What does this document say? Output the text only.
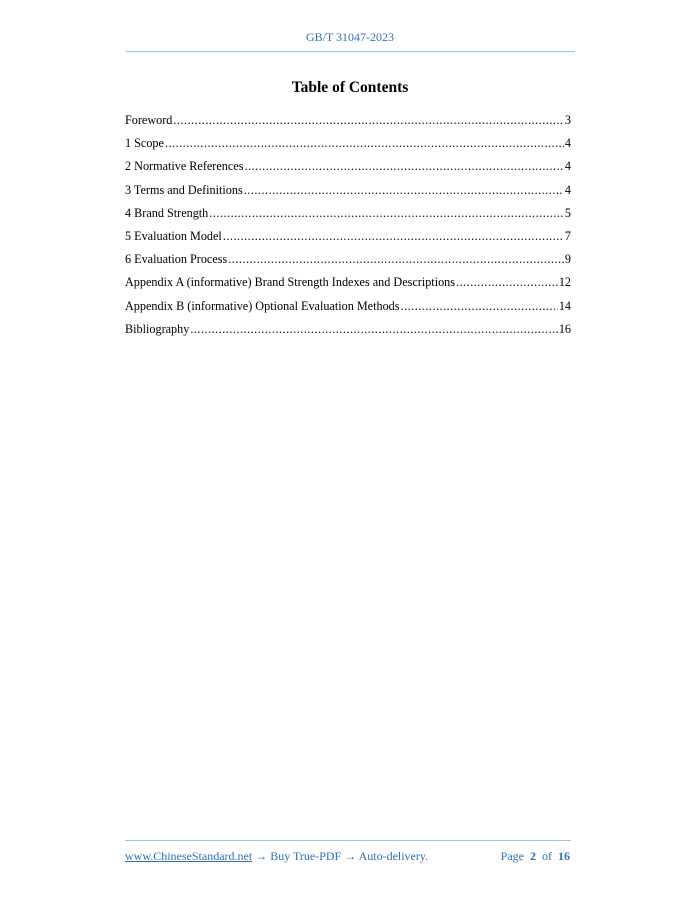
GB/T 31047-2023
Table of Contents
Foreword .....	3
1 Scope .....	4
2 Normative References .....	4
3 Terms and Definitions .....	4
4 Brand Strength .....	5
5 Evaluation Model .....	7
6 Evaluation Process .....	9
Appendix A (informative) Brand Strength Indexes and Descriptions .....	12
Appendix B (informative) Optional Evaluation Methods .....	14
Bibliography .....	16
www.ChineseStandard.net → Buy True-PDF → Auto-delivery.	Page 2 of 16
